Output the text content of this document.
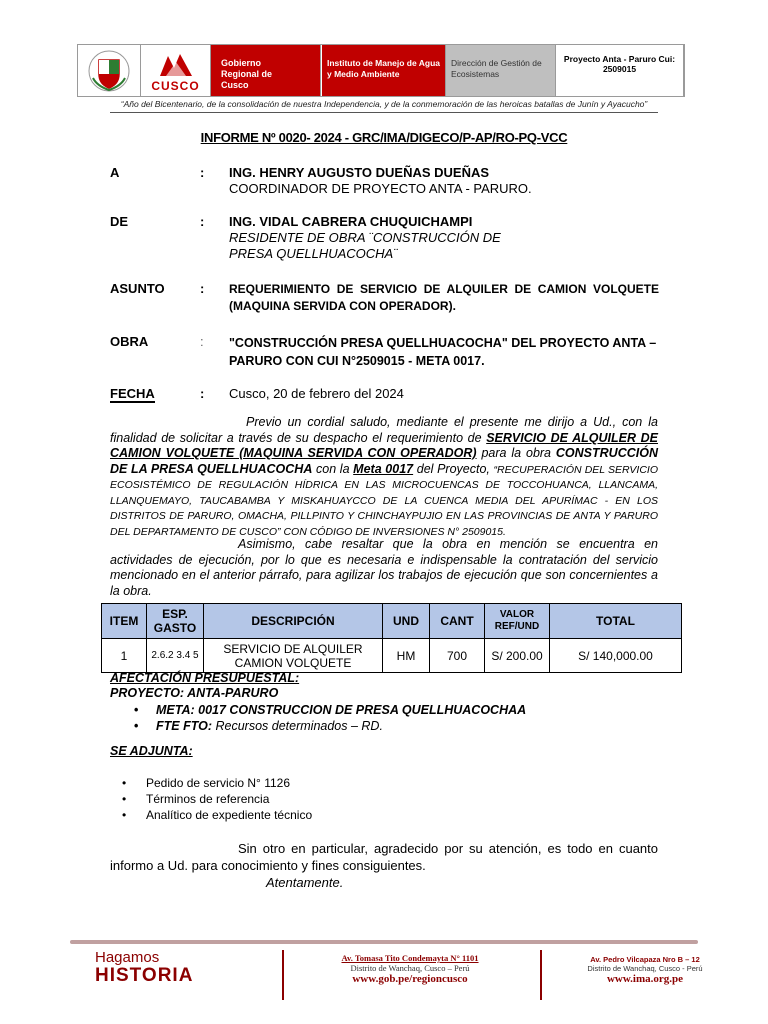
CUSCO
Gobierno Regional de Cusco
Instituto de Manejo de Agua y Medio Ambiente
Dirección de Gestión de Ecosistemas
Proyecto Anta - Paruro Cui: 2509015
“Año del Bicentenario, de la consolidación de nuestra Independencia, y de la conmemoración de las heroicas batallas de Junín y Ayacucho”
INFORME Nº 0020- 2024 - GRC/IMA/DIGECO/P-AP/RO-PQ-VCC
A	: ING. HENRY AUGUSTO DUEÑAS DUEÑAS
COORDINADOR DE PROYECTO ANTA - PARURO.
DE	: ING. VIDAL CABRERA CHUQUICHAMPI
RESIDENTE DE OBRA ¨CONSTRUCCIÓN DE PRESA QUELLHUACOCHA¨
ASUNTO	: REQUERIMIENTO DE SERVICIO DE ALQUILER DE CAMION VOLQUETE (MAQUINA SERVIDA CON OPERADOR).
OBRA	: "CONSTRUCCIÓN PRESA QUELLHUACOCHA" DEL PROYECTO ANTA – PARURO CON CUI N°2509015 - META 0017.
FECHA	: Cusco, 20 de febrero del 2024
Previo un cordial saludo, mediante el presente me dirijo a Ud., con la finalidad de solicitar a través de su despacho el requerimiento de SERVICIO DE ALQUILER DE CAMION VOLQUETE (MAQUINA SERVIDA CON OPERADOR) para la obra CONSTRUCCIÓN DE LA PRESA QUELLHUACOCHA con la Meta 0017 del Proyecto, “RECUPERACIÓN DEL SERVICIO ECOSISTÉMICO DE REGULACIÓN HÍDRICA EN LAS MICROCUENCAS DE TOCCOHUANCA, LLANCAMA, LLANQUEMAYO, TAUCABAMBA Y MISKAHUAYCCO DE LA CUENCA MEDIA DEL APURÍMAC - EN LOS DISTRITOS DE PARURO, OMACHA, PILLPINTO Y CHINCHAYPUJIO EN LAS PROVINCIAS DE ANTA Y PARURO DEL DEPARTAMENTO DE CUSCO” CON CÓDIGO DE INVERSIONES N° 2509015.
Asimismo, cabe resaltar que la obra en mención se encuentra en actividades de ejecución, por lo que es necesaria e indispensable la contratación del servicio mencionado en el anterior párrafo, para agilizar los trabajos de ejecución que son concernientes a la obra.
ITEM	ESP. GASTO	DESCRIPCIÓN	UND	CANT	VALOR REF/UND	TOTAL
1	2.6.2 3.4 5	SERVICIO DE ALQUILER CAMION VOLQUETE	HM	700	S/ 200.00	S/ 140,000.00
AFECTACIÓN PRESUPUESTAL:
PROYECTO: ANTA-PARURO
• META: 0017 CONSTRUCCION DE PRESA QUELLHUACOCHAA
• FTE FTO: Recursos determinados – RD.
SE ADJUNTA:
• Pedido de servicio N° 1126
• Términos de referencia
• Analítico de expediente técnico
Sin otro en particular, agradecido por su atención, es todo en cuanto informo a Ud. para conocimiento y fines consiguientes.
Atentamente.
Hagamos
HISTORIA
Av. Tomasa Tito Condemayta N° 1101
Distrito de Wanchaq, Cusco – Perú
www.gob.pe/regioncusco
Av. Pedro Vilcapaza Nro B – 12
Distrito de Wanchaq, Cusco - Perú
www.ima.org.pe
